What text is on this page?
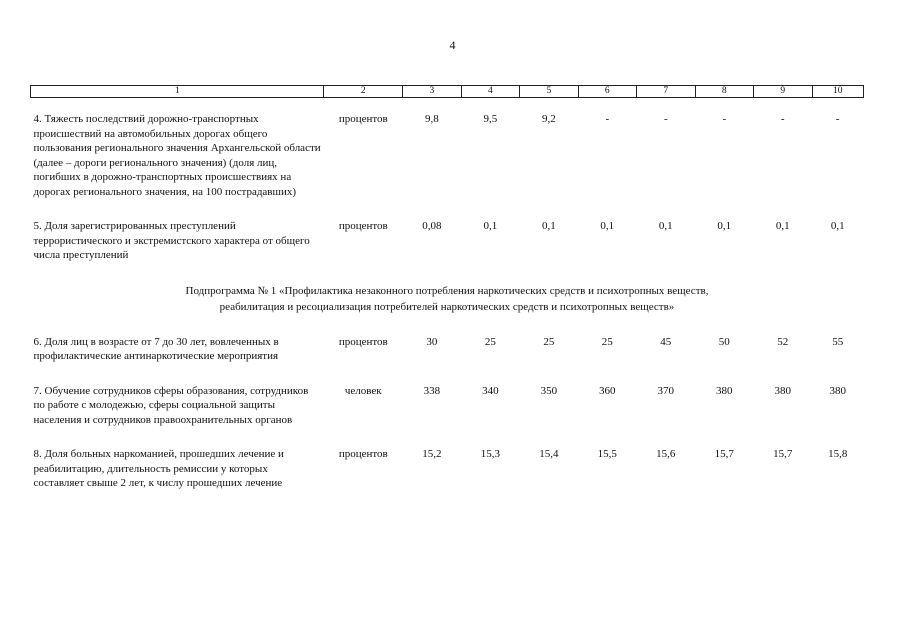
4
1	2	3	4	5	6	7	8	9	10

4. Тяжесть последствий дорожно-транспортных происшествий на автомобильных дорогах общего пользования регионального значения Архангельской области (далее – дороги регионального значения) (доля лиц, погибших в дорожно-транспортных происшествиях на дорогах регионального значения, на 100 пострадавших)	процентов	9,8	9,5	9,2	-	-	-	-	-

5. Доля зарегистрированных преступлений террористического и экстремистского характера от общего числа преступлений	процентов	0,08	0,1	0,1	0,1	0,1	0,1	0,1	0,1

Подпрограмма № 1 «Профилактика незаконного потребления наркотических средств и психотропных веществ,
реабилитация и ресоциализация потребителей наркотических средств и психотропных веществ»									

6. Доля лиц в возрасте от 7 до 30 лет, вовлеченных в профилактические антинаркотические мероприятия	процентов	30	25	25	25	45	50	52	55

7. Обучение сотрудников сферы образования, сотрудников по работе с молодежью, сферы социальной защиты населения и сотрудников правоохранительных органов	человек	338	340	350	360	370	380	380	380

8. Доля больных наркоманией, прошедших лечение и реабилитацию, длительность ремиссии у которых составляет свыше 2 лет, к числу прошедших лечение	процентов	15,2	15,3	15,4	15,5	15,6	15,7	15,7	15,8
